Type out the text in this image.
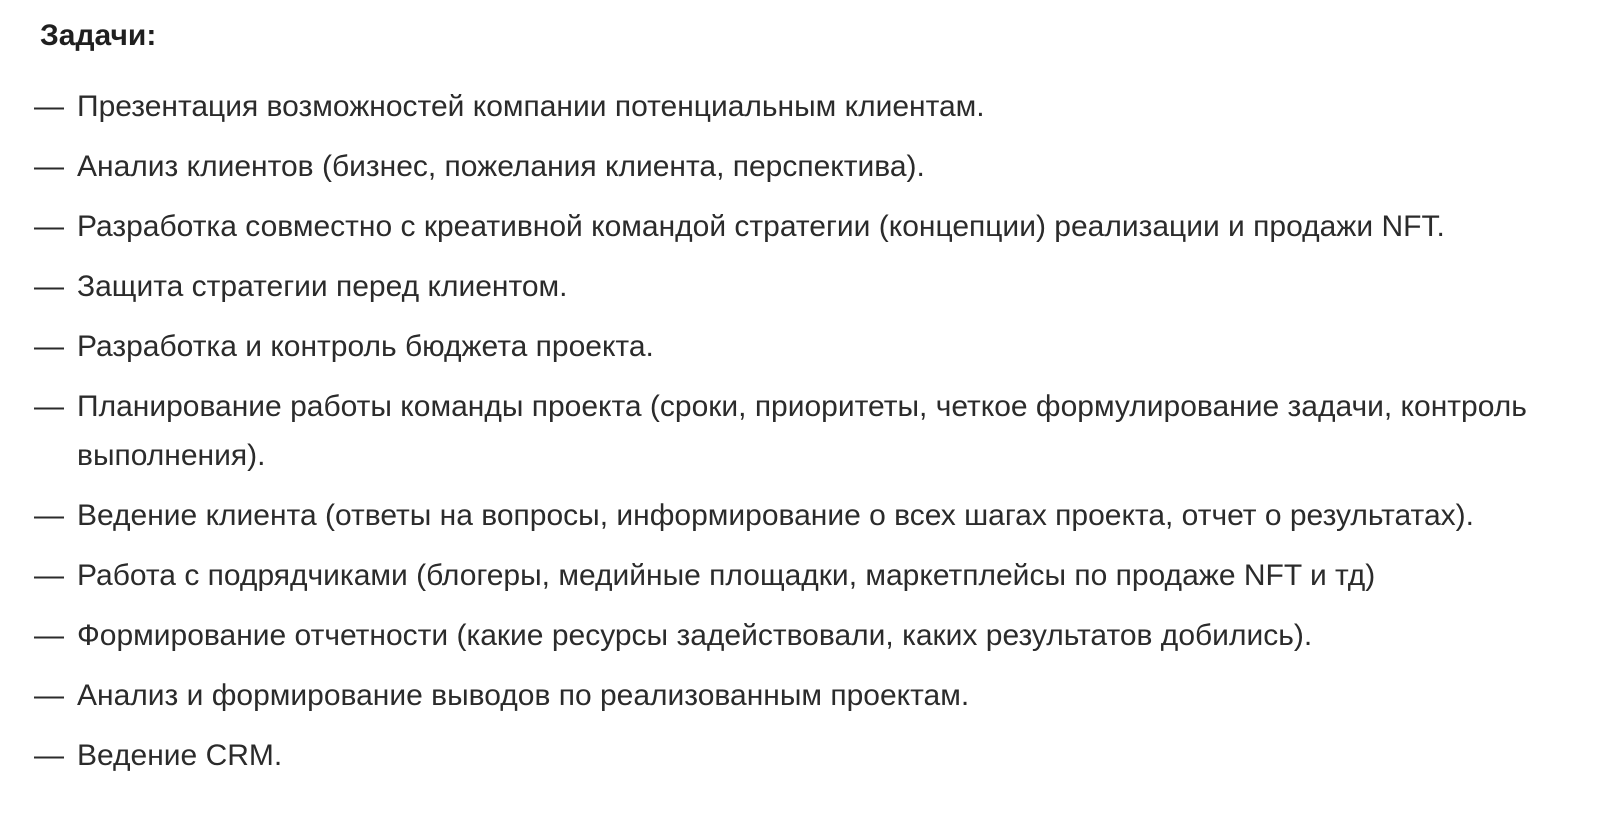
Задачи:
— Презентация возможностей компании потенциальным клиентам.
— Анализ клиентов (бизнес, пожелания клиента, перспектива).
— Разработка совместно с креативной командой стратегии (концепции) реализации и продажи NFT.
— Защита стратегии перед клиентом.
— Разработка и контроль бюджета проекта.
— Планирование работы команды проекта (сроки, приоритеты, четкое формулирование задачи, контроль выполнения).
— Ведение клиента (ответы на вопросы, информирование о всех шагах проекта, отчет о результатах).
— Работа с подрядчиками (блогеры, медийные площадки, маркетплейсы по продаже NFT и тд)
— Формирование отчетности (какие ресурсы задействовали, каких результатов добились).
— Анализ и формирование выводов по реализованным проектам.
— Ведение CRM.
